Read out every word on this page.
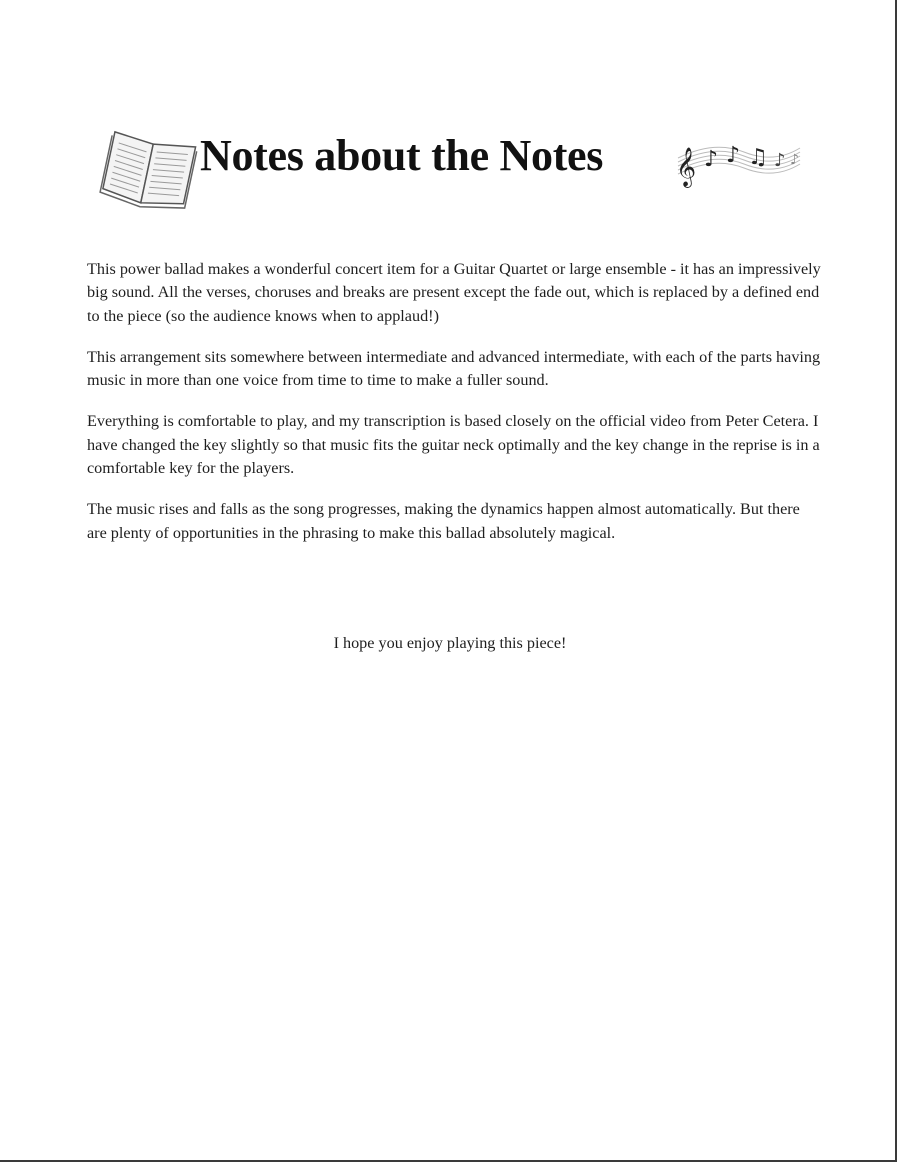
Notes about the Notes 𝄞 ♪ ♪ ♫ ♪ ♪

This power ballad makes a wonderful concert item for a Guitar Quartet or large ensemble - it has an impressively big sound. All the verses, choruses and breaks are present except the fade out, which is replaced by a defined end to the piece (so the audience knows when to applaud!)

This arrangement sits somewhere between intermediate and advanced intermediate, with each of the parts having music in more than one voice from time to time to make a fuller sound.

Everything is comfortable to play, and my transcription is based closely on the official video from Peter Cetera. I have changed the key slightly so that music fits the guitar neck optimally and the key change in the reprise is in a comfortable key for the players.

The music rises and falls as the song progresses, making the dynamics happen almost automatically. But there are plenty of opportunities in the phrasing to make this ballad absolutely magical.

I hope you enjoy playing this piece!
